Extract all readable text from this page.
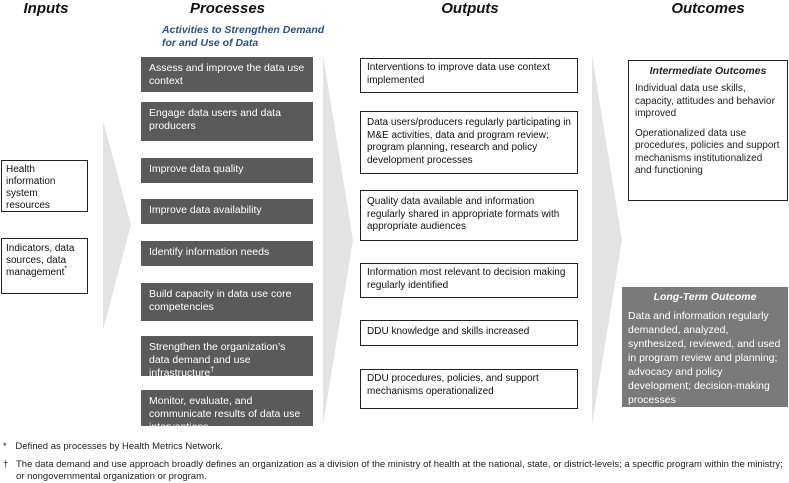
Inputs	Processes	Outputs	Outcomes
Activities to Strengthen Demand for and Use of Data
Health information system resources
Indicators, data sources, data management*
Assess and improve the data use context
Engage data users and data producers
Improve data quality
Improve data availability
Identify information needs
Build capacity in data use core competencies
Strengthen the organization’s data demand and use infrastructure†
Monitor, evaluate, and communicate results of data use interventions
Interventions to improve data use context implemented
Data users/producers regularly participating in M&E activities, data and program review; program planning, research and policy development processes
Quality data available and information regularly shared in appropriate formats with appropriate audiences
Information most relevant to decision making regularly identified
DDU knowledge and skills increased
DDU procedures, policies, and support mechanisms operationalized
Intermediate Outcomes
Individual data use skills, capacity, attitudes and behavior improved
Operationalized data use procedures, policies and support mechanisms institutionalized and functioning
Long-Term Outcome
Data and information regularly demanded, analyzed, synthesized, reviewed, and used in program review and planning; advocacy and policy development; decision-making processes
* Defined as processes by Health Metrics Network.
† The data demand and use approach broadly defines an organization as a division of the ministry of health at the national, state, or district-levels; a specific program within the ministry; or nongovernmental organization or program.
